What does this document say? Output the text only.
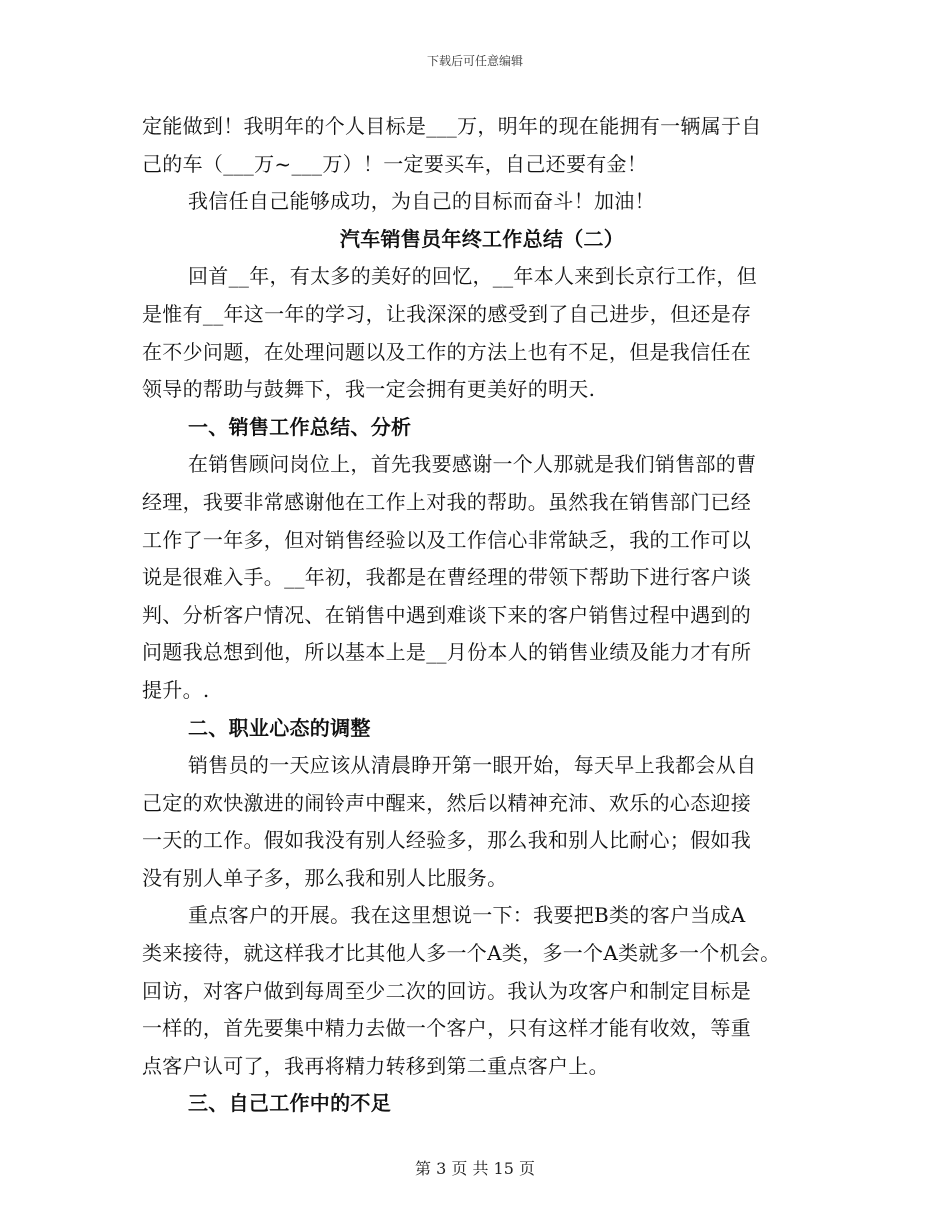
下载后可任意编辑
定能做到！我明年的个人目标是___万，明年的现在能拥有一辆属于自
己的车（___万~___万）！一定要买车，自己还要有金！
我信任自己能够成功，为自己的目标而奋斗！加油！
汽车销售员年终工作总结（二）
回首__年，有太多的美好的回忆，__年本人来到长京行工作，但
是惟有__年这一年的学习，让我深深的感受到了自己进步，但还是存
在不少问题，在处理问题以及工作的方法上也有不足，但是我信任在
领导的帮助与鼓舞下，我一定会拥有更美好的明天.
一、销售工作总结、分析
在销售顾问岗位上，首先我要感谢一个人那就是我们销售部的曹
经理，我要非常感谢他在工作上对我的帮助。虽然我在销售部门已经
工作了一年多，但对销售经验以及工作信心非常缺乏，我的工作可以
说是很难入手。__年初，我都是在曹经理的带领下帮助下进行客户谈
判、分析客户情况、在销售中遇到难谈下来的客户销售过程中遇到的
问题我总想到他，所以基本上是__月份本人的销售业绩及能力才有所
提升。.
二、职业心态的调整
销售员的一天应该从清晨睁开第一眼开始，每天早上我都会从自
己定的欢快激进的闹铃声中醒来，然后以精神充沛、欢乐的心态迎接
一天的工作。假如我没有别人经验多，那么我和别人比耐心；假如我
没有别人单子多，那么我和别人比服务。
重点客户的开展。我在这里想说一下：我要把B类的客户当成A
类来接待，就这样我才比其他人多一个A类，多一个A类就多一个机会。
回访，对客户做到每周至少二次的回访。我认为攻客户和制定目标是
一样的，首先要集中精力去做一个客户，只有这样才能有收效，等重
点客户认可了，我再将精力转移到第二重点客户上。
三、自己工作中的不足
第 3 页 共 15 页
